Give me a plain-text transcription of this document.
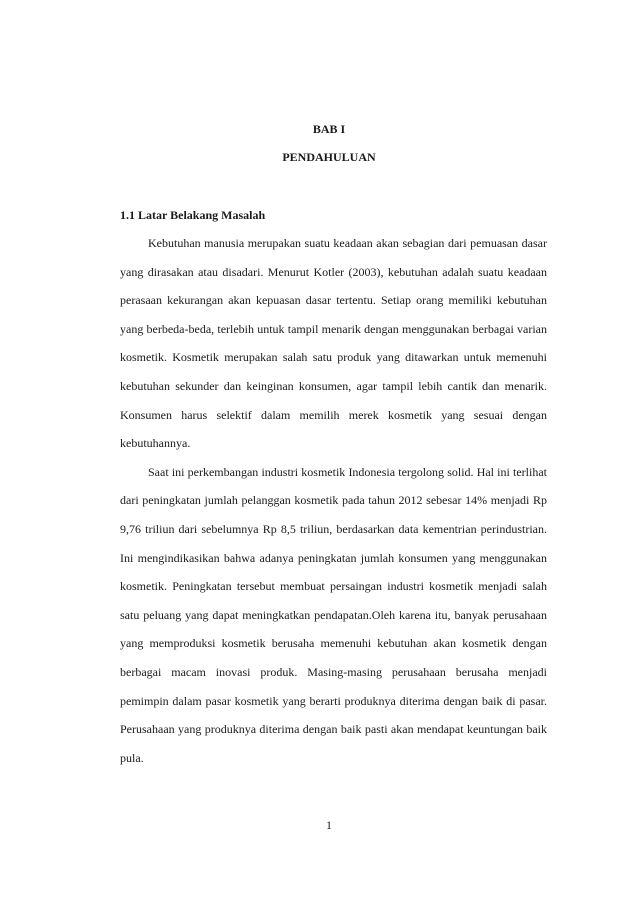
BAB I
PENDAHULUAN
1.1 Latar Belakang Masalah

Kebutuhan manusia merupakan suatu keadaan akan sebagian dari pemuasan dasar yang dirasakan atau disadari. Menurut Kotler (2003), kebutuhan adalah suatu keadaan perasaan kekurangan akan kepuasan dasar tertentu. Setiap orang memiliki kebutuhan yang berbeda-beda, terlebih untuk tampil menarik dengan menggunakan berbagai varian kosmetik. Kosmetik merupakan salah satu produk yang ditawarkan untuk memenuhi kebutuhan sekunder dan keinginan konsumen, agar tampil lebih cantik dan menarik. Konsumen harus selektif dalam memilih merek kosmetik yang sesuai dengan kebutuhannya.

Saat ini perkembangan industri kosmetik Indonesia tergolong solid. Hal ini terlihat dari peningkatan jumlah pelanggan kosmetik pada tahun 2012 sebesar 14% menjadi Rp 9,76 triliun dari sebelumnya Rp 8,5 triliun, berdasarkan data kementrian perindustrian. Ini mengindikasikan bahwa adanya peningkatan jumlah konsumen yang menggunakan kosmetik. Peningkatan tersebut membuat persaingan industri kosmetik menjadi salah satu peluang yang dapat meningkatkan pendapatan.Oleh karena itu, banyak perusahaan yang memproduksi kosmetik berusaha memenuhi kebutuhan akan kosmetik dengan berbagai macam inovasi produk. Masing-masing perusahaan berusaha menjadi pemimpin dalam pasar kosmetik yang berarti produknya diterima dengan baik di pasar. Perusahaan yang produknya diterima dengan baik pasti akan mendapat keuntungan baik pula.

1
